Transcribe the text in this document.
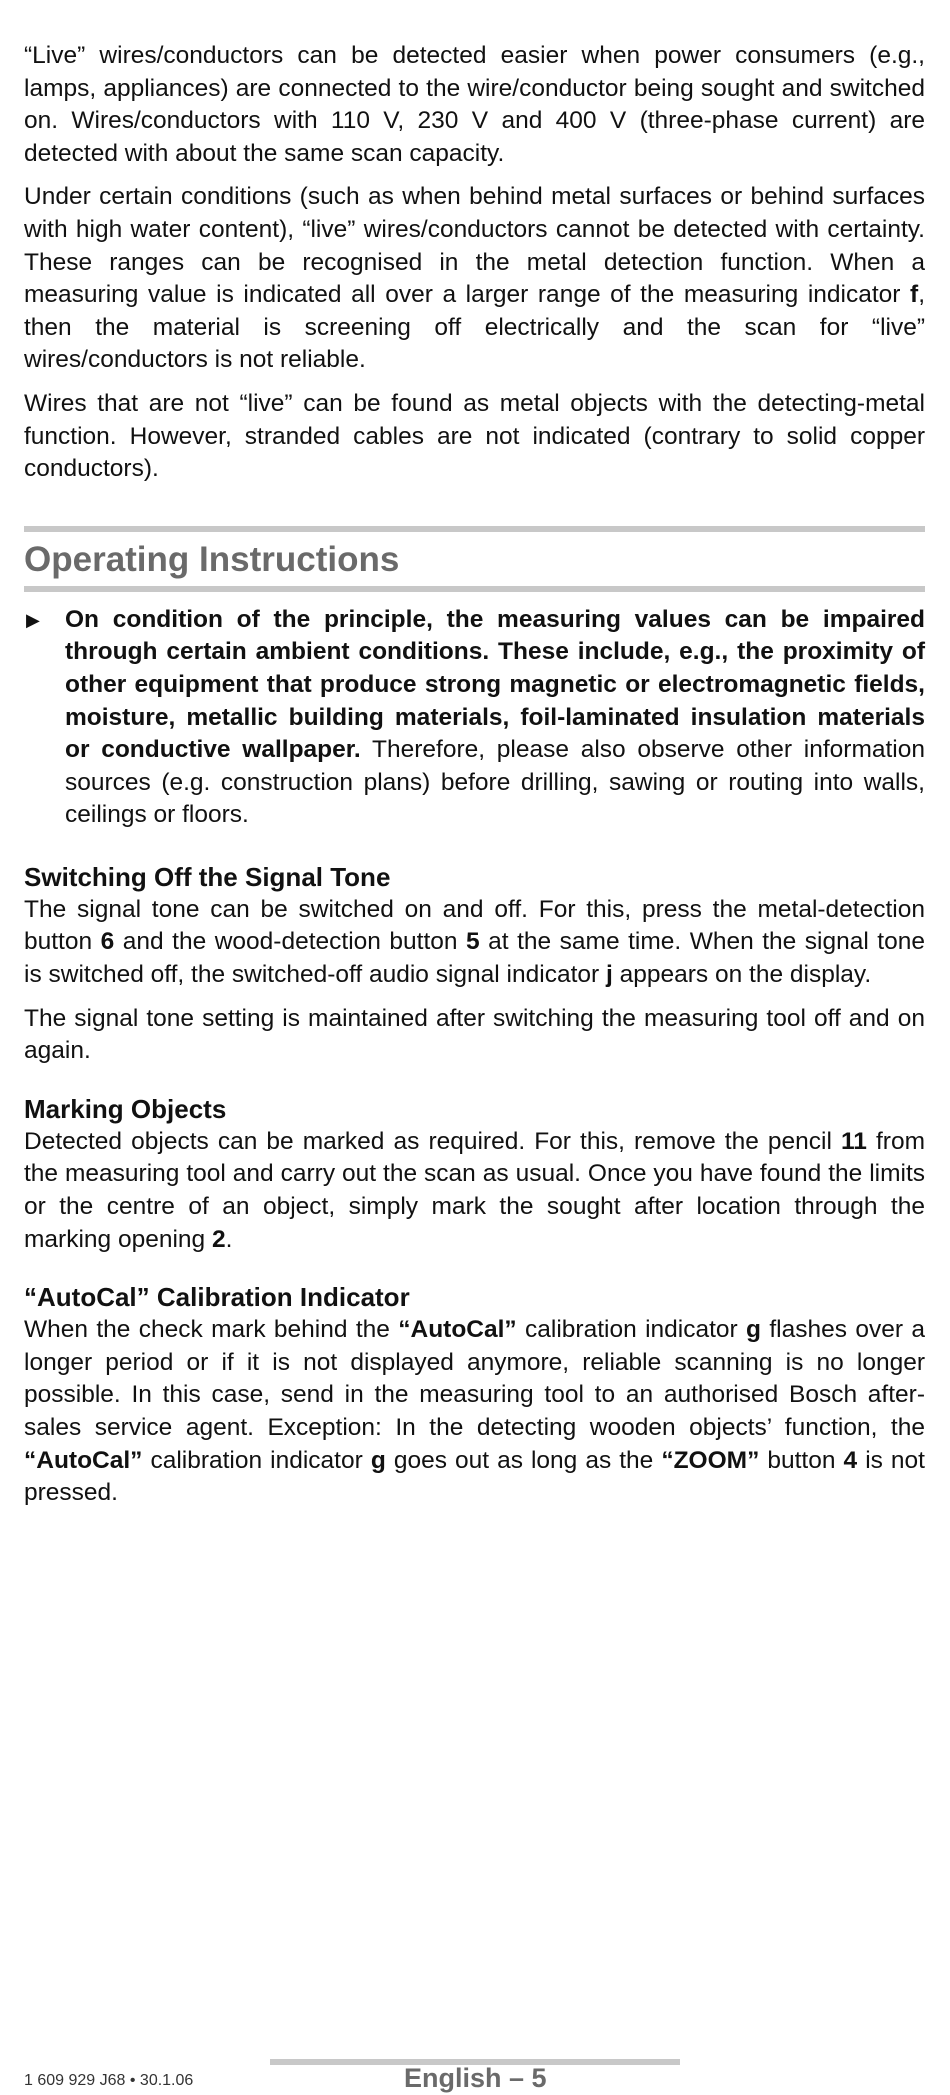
“Live” wires/conductors can be detected easier when power consumers (e.g., lamps, appliances) are connected to the wire/conductor being sought and switched on. Wires/conductors with 110 V, 230 V and 400 V (three-phase current) are detected with about the same scan capacity.

Under certain conditions (such as when behind metal surfaces or behind surfaces with high water content), “live” wires/conductors cannot be detected with certainty. These ranges can be recognised in the metal detection function. When a measuring value is indicated all over a larger range of the measuring indicator f, then the material is screening off electrically and the scan for “live” wires/conductors is not reliable.

Wires that are not “live” can be found as metal objects with the detecting-metal function. However, stranded cables are not indicated (contrary to solid copper conductors).

Operating Instructions
▶ On condition of the principle, the measuring values can be impaired through certain ambient conditions. These include, e.g., the proximity of other equipment that produce strong magnetic or electromagnetic fields, moisture, metallic building materials, foil-laminated insulation materials or conductive wallpaper. Therefore, please also observe other information sources (e.g. construction plans) before drilling, sawing or routing into walls, ceilings or floors.

Switching Off the Signal Tone

The signal tone can be switched on and off. For this, press the metal-detection button 6 and the wood-detection button 5 at the same time. When the signal tone is switched off, the switched-off audio signal indicator j appears on the display.

The signal tone setting is maintained after switching the measuring tool off and on again.

Marking Objects

Detected objects can be marked as required. For this, remove the pencil 11 from the measuring tool and carry out the scan as usual. Once you have found the limits or the centre of an object, simply mark the sought after location through the marking opening 2.

“AutoCal” Calibration Indicator

When the check mark behind the “AutoCal” calibration indicator g flashes over a longer period or if it is not displayed anymore, reliable scanning is no longer possible. In this case, send in the measuring tool to an authorised Bosch after-sales service agent. Exception: In the detecting wooden objects’ function, the “AutoCal” calibration indicator g goes out as long as the “ZOOM” button 4 is not pressed.

1 609 929 J68 • 30.1.06	English – 5
